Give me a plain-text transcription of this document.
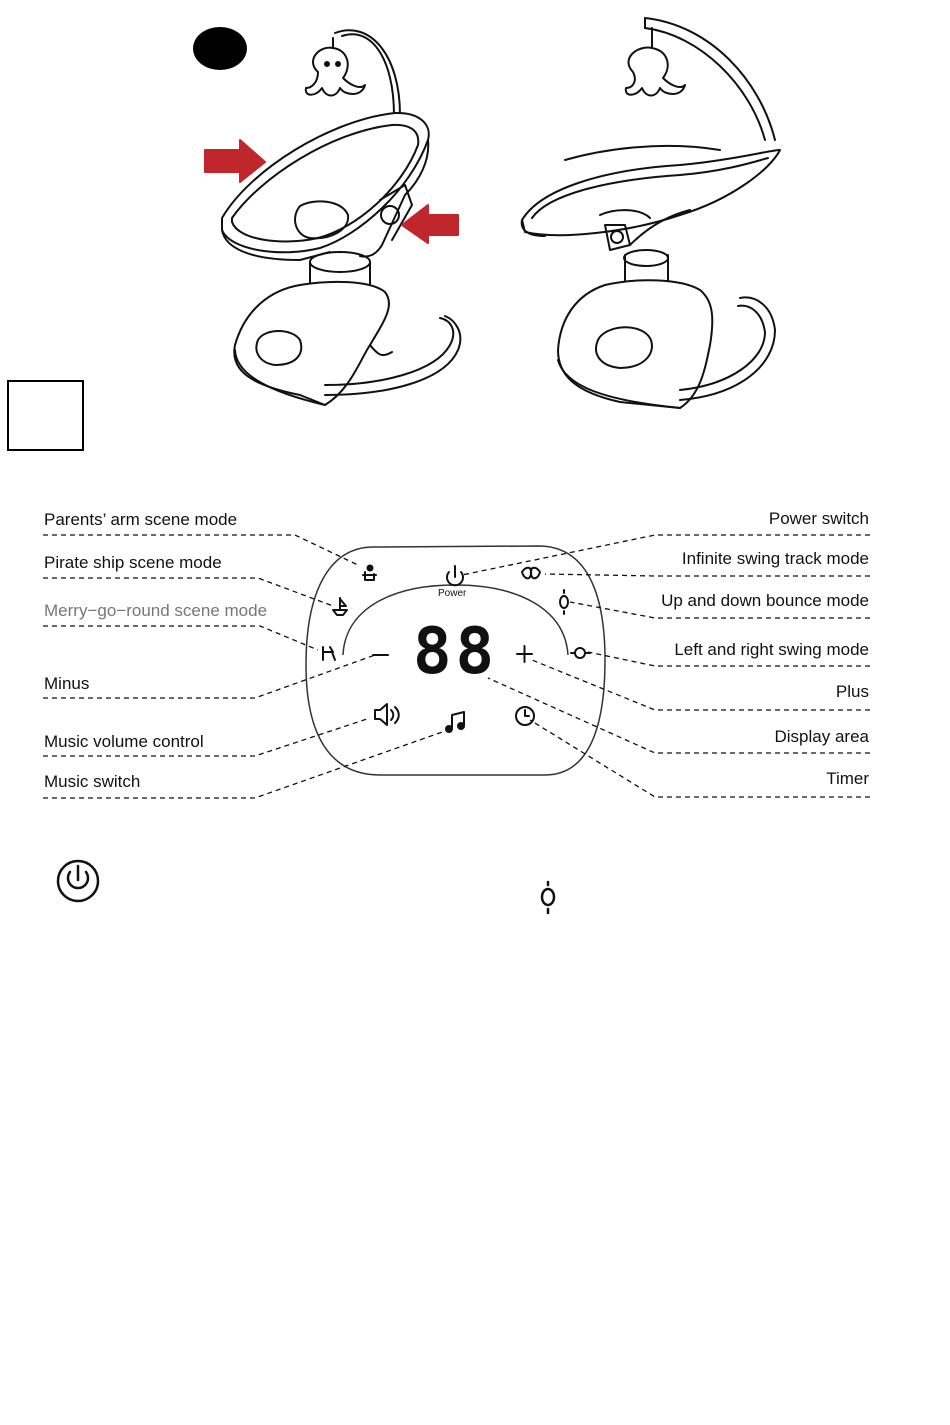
88
Power
Parents’ arm scene mode
Pirate ship scene mode
Merry−go−round scene mode
Minus
Music volume control
Music switch
Power switch
Infinite swing track mode
Up and down bounce mode
Left and right swing mode
Plus
Display area
Timer
